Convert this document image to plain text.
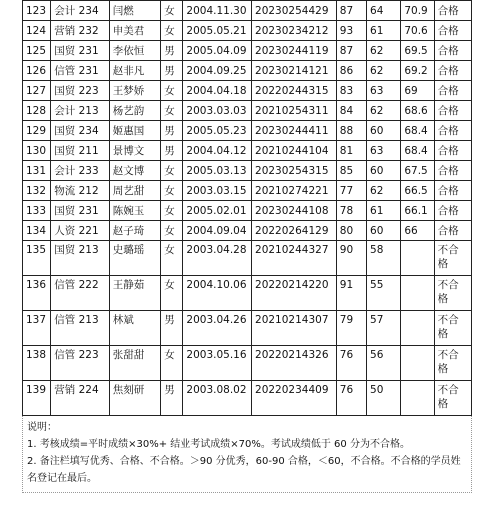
123	会计 234	闫燃	女	2004.11.30	20230254429	87	64	70.9	合格
124	营销 232	申美君	女	2005.05.21	20230234212	93	61	70.6	合格
125	国贸 231	李依恒	男	2005.04.09	20230244119	87	62	69.5	合格
126	信管 231	赵非凡	男	2004.09.25	20230214121	86	62	69.2	合格
127	国贸 223	王梦娇	女	2004.04.18	20220244315	83	63	69	合格
128	会计 213	杨艺韵	女	2003.03.03	20210254311	84	62	68.6	合格
129	国贸 234	姬惠国	男	2005.05.23	20230244411	88	60	68.4	合格
130	国贸 211	景博文	男	2004.04.12	20210244104	81	63	68.4	合格
131	会计 233	赵文博	女	2005.03.13	20230254315	85	60	67.5	合格
132	物流 212	周艺甜	女	2003.03.15	20210274221	77	62	66.5	合格
133	国贸 231	陈婉玉	女	2005.02.01	20230244108	78	61	66.1	合格
134	人资 221	赵子琦	女	2004.09.04	20220264129	80	60	66	合格
135	国贸 213	史璐瑶	女	2003.04.28	20210244327	90	58		不合格
136	信管 222	王静茹	女	2004.10.06	20220214220	91	55		不合格
137	信管 213	林斌	男	2003.04.26	20210214307	79	57		不合格
138	信管 223	张甜甜	女	2003.05.16	20220214326	76	56		不合格
139	营销 224	焦刻研	男	2003.08.02	20220234409	76	50		不合格

说明：

1. 考核成绩=平时成绩×30%+ 结业考试成绩×70%。考试成绩低于 60 分为不合格。

2. 备注栏填写优秀、合格、不合格。＞90 分优秀，60-90 合格，＜60，不合格。不合格的学员姓名登记在最后。
